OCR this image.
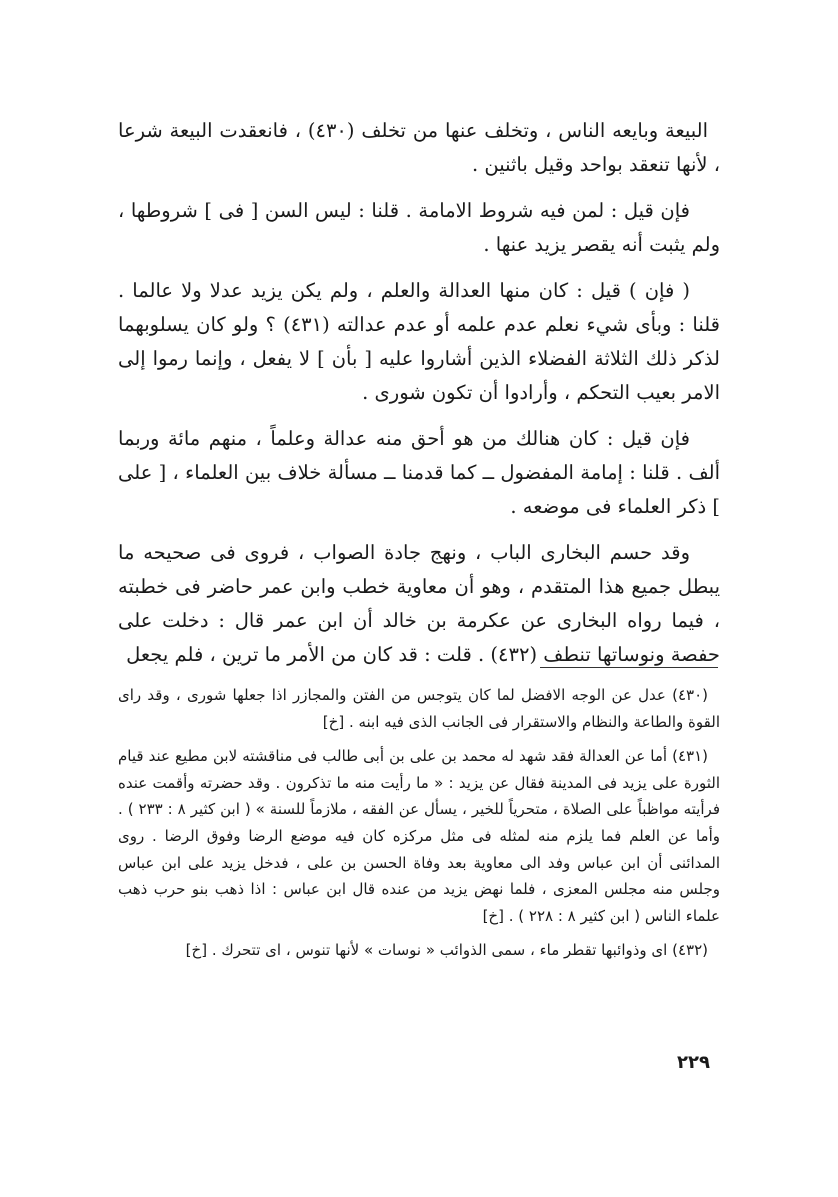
البيعة وبايعه الناس ، وتخلف عنها من تخلف (٤٣٠) ، فانعقدت البيعة شرعا ، لأنها تنعقد بواحد وقيل باثنين .

فإن قيل : لمن فيه شروط الامامة . قلنا : ليس السن [ فى ] شروطها ، ولم يثبت أنه يقصر يزيد عنها .

( فإن ) قيل : كان منها العدالة والعلم ، ولم يكن يزيد عدلا ولا عالما . قلنا : وبأى شيء نعلم عدم علمه أو عدم عدالته (٤٣١) ؟ ولو كان يسلوبهما لذكر ذلك الثلاثة الفضلاء الذين أشاروا عليه [ بأن ] لا يفعل ، وإنما رموا إلى الامر بعيب التحكم ، وأرادوا أن تكون شورى .

فإن قيل : كان هنالك من هو أحق منه عدالة وعلماً ، منهم مائة وربما ألف . قلنا : إمامة المفضول ــ كما قدمنا ــ مسألة خلاف بين العلماء ، [ على ] ذكر العلماء فى موضعه .

وقد حسم البخارى الباب ، ونهج جادة الصواب ، فروى فى صحيحه ما يبطل جميع هذا المتقدم ، وهو أن معاوية خطب وابن عمر حاضر فى خطبته ، فيما رواه البخارى عن عكرمة بن خالد أن ابن عمر قال : دخلت على حفصة ونوساتها تنطف (٤٣٢) . قلت : قد كان من الأمر ما ترين ، فلم يجعل

(٤٣٠) عدل عن الوجه الافضل لما كان يتوجس من الفتن والمجازر اذا جعلها شورى ، وقد راى القوة والطاعة والنظام والاستقرار فى الجانب الذى فيه ابنه . [خ]

(٤٣١) أما عن العدالة فقد شهد له محمد بن على بن أبى طالب فى مناقشته لابن مطيع عند قيام الثورة على يزيد فى المدينة فقال عن يزيد : « ما رأيت منه ما تذكرون . وقد حضرته وأقمت عنده فرأيته مواظباً على الصلاة ، متحرياً للخير ، يسأل عن الفقه ، ملازماً للسنة » ( ابن كثير ٨ : ٢٣٣ ) . وأما عن العلم فما يلزم منه لمثله فى مثل مركزه كان فيه موضع الرضا وفوق الرضا . روى المدائنى أن ابن عباس وفد الى معاوية بعد وفاة الحسن بن على ، فدخل يزيد على ابن عباس وجلس منه مجلس المعزى ، فلما نهض يزيد من عنده قال ابن عباس : اذا ذهب بنو حرب ذهب علماء الناس ( ابن كثير ٨ : ٢٢٨ ) . [خ]

(٤٣٢) اى وذوائبها تقطر ماء ، سمى الذوائب « نوسات » لأنها تنوس ، اى تتحرك . [خ]

٢٢٩
